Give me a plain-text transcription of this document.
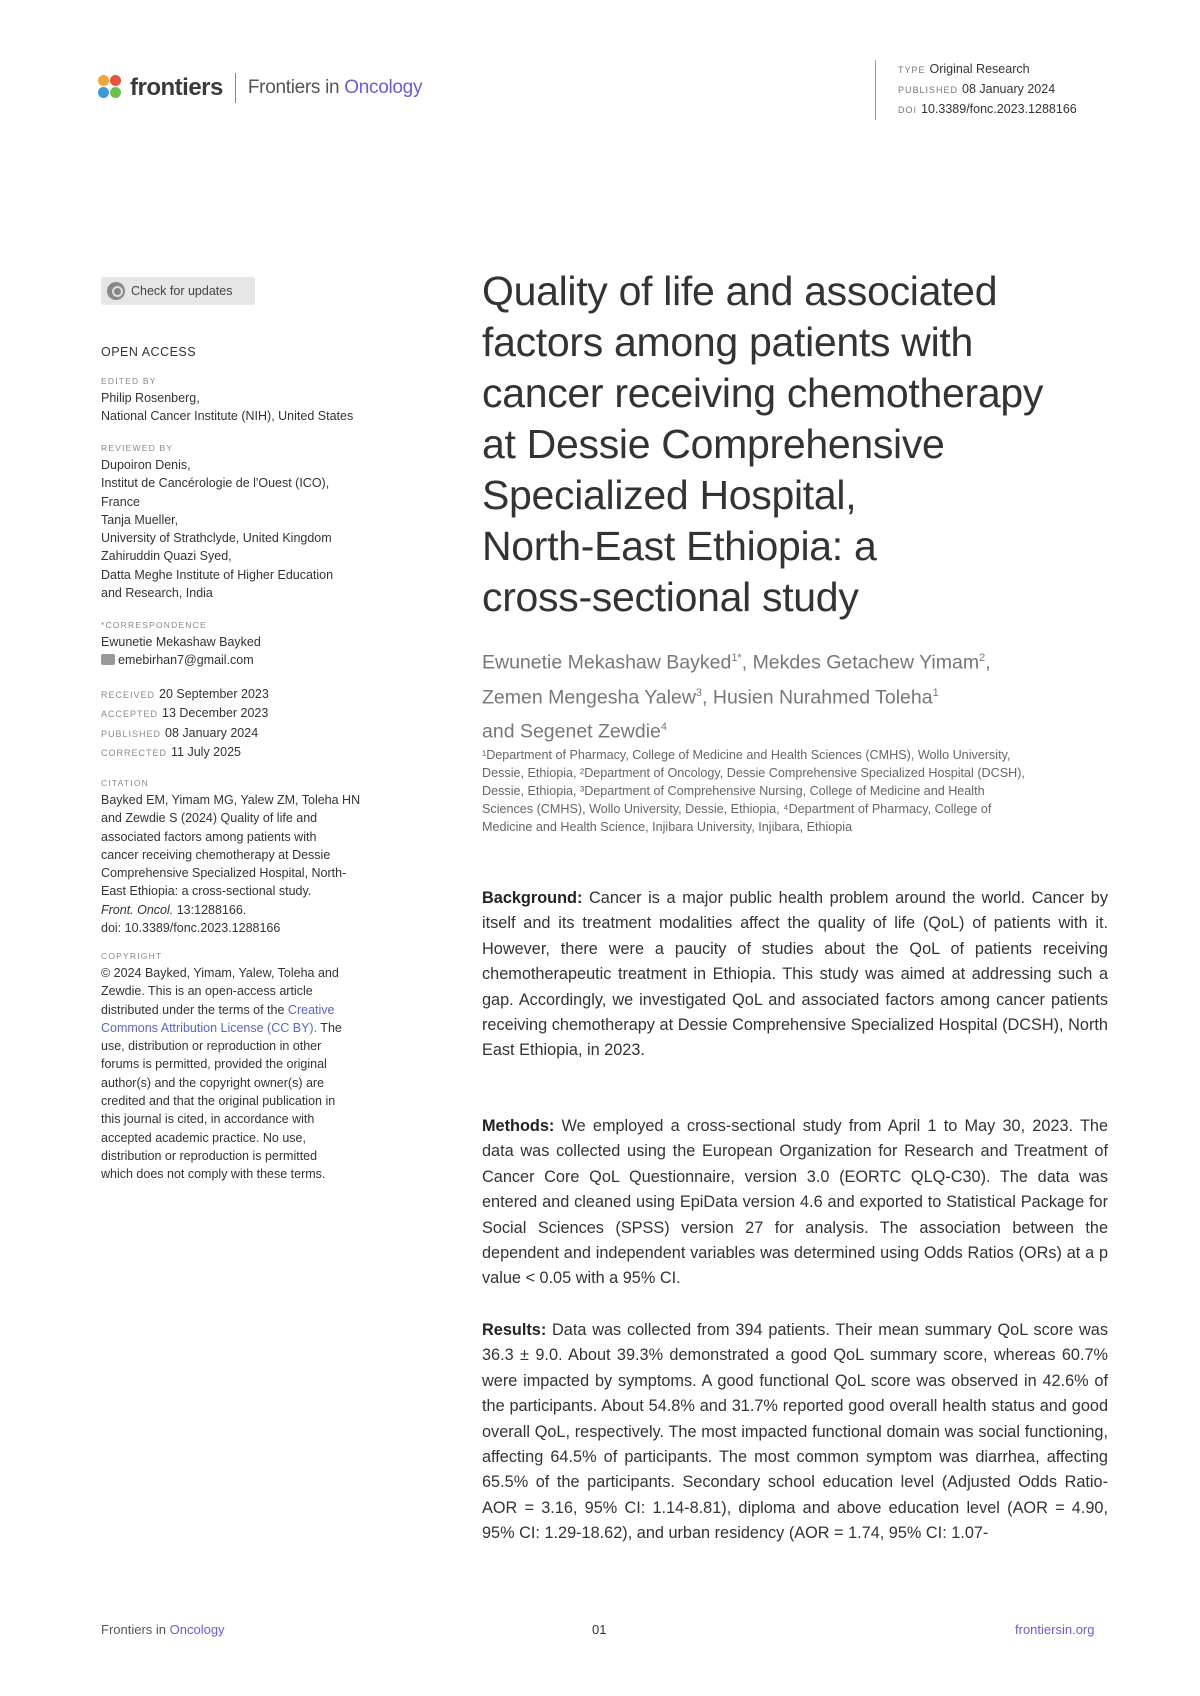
frontiers Frontiers in Oncology
TYPE Original Research
PUBLISHED 08 January 2024
DOI 10.3389/fonc.2023.1288166
Check for updates
OPEN ACCESS
EDITED BY
Philip Rosenberg,
National Cancer Institute (NIH), United States
REVIEWED BY
Dupoiron Denis,
Institut de Cancérologie de l'Ouest (ICO),
France
Tanja Mueller,
University of Strathclyde, United Kingdom
Zahiruddin Quazi Syed,
Datta Meghe Institute of Higher Education
and Research, India
*CORRESPONDENCE
Ewunetie Mekashaw Bayked
emebirhan7@gmail.com
RECEIVED 20 September 2023
ACCEPTED 13 December 2023
PUBLISHED 08 January 2024
CORRECTED 11 July 2025
CITATION
Bayked EM, Yimam MG, Yalew ZM, Toleha HN
and Zewdie S (2024) Quality of life and
associated factors among patients with
cancer receiving chemotherapy at Dessie
Comprehensive Specialized Hospital, North-
East Ethiopia: a cross-sectional study.
Front. Oncol. 13:1288166.
doi: 10.3389/fonc.2023.1288166
COPYRIGHT
© 2024 Bayked, Yimam, Yalew, Toleha and
Zewdie. This is an open-access article
distributed under the terms of the Creative
Commons Attribution License (CC BY). The
use, distribution or reproduction in other
forums is permitted, provided the original
author(s) and the copyright owner(s) are
credited and that the original publication in
this journal is cited, in accordance with
accepted academic practice. No use,
distribution or reproduction is permitted
which does not comply with these terms.
Quality of life and associated
factors among patients with
cancer receiving chemotherapy
at Dessie Comprehensive
Specialized Hospital,
North-East Ethiopia: a
cross-sectional study
Ewunetie Mekashaw Bayked$^{1*}$, Mekdes Getachew Yimam$^2$,
Zemen Mengesha Yalew$^3$, Husien Nurahmed Toleha$^1$
and Segenet Zewdie$^4$
¹Department of Pharmacy, College of Medicine and Health Sciences (CMHS), Wollo University,
Dessie, Ethiopia, ²Department of Oncology, Dessie Comprehensive Specialized Hospital (DCSH),
Dessie, Ethiopia, ³Department of Comprehensive Nursing, College of Medicine and Health
Sciences (CMHS), Wollo University, Dessie, Ethiopia, ⁴Department of Pharmacy, College of
Medicine and Health Science, Injibara University, Injibara, Ethiopia
Background: Cancer is a major public health problem around the world. Cancer by itself and its treatment modalities affect the quality of life (QoL) of patients with it. However, there were a paucity of studies about the QoL of patients receiving chemotherapeutic treatment in Ethiopia. This study was aimed at addressing such a gap. Accordingly, we investigated QoL and associated factors among cancer patients receiving chemotherapy at Dessie Comprehensive Specialized Hospital (DCSH), North East Ethiopia, in 2023.
Methods: We employed a cross-sectional study from April 1 to May 30, 2023. The data was collected using the European Organization for Research and Treatment of Cancer Core QoL Questionnaire, version 3.0 (EORTC QLQ-C30). The data was entered and cleaned using EpiData version 4.6 and exported to Statistical Package for Social Sciences (SPSS) version 27 for analysis. The association between the dependent and independent variables was determined using Odds Ratios (ORs) at a p value < 0.05 with a 95% CI.
Results: Data was collected from 394 patients. Their mean summary QoL score was 36.3 ± 9.0. About 39.3% demonstrated a good QoL summary score, whereas 60.7% were impacted by symptoms. A good functional QoL score was observed in 42.6% of the participants. About 54.8% and 31.7% reported good overall health status and good overall QoL, respectively. The most impacted functional domain was social functioning, affecting 64.5% of participants. The most common symptom was diarrhea, affecting 65.5% of the participants. Secondary school education level (Adjusted Odds Ratio-AOR = 3.16, 95% CI: 1.14-8.81), diploma and above education level (AOR = 4.90, 95% CI: 1.29-18.62), and urban residency (AOR = 1.74, 95% CI: 1.07-
Frontiers in Oncology	01	frontiersin.org
